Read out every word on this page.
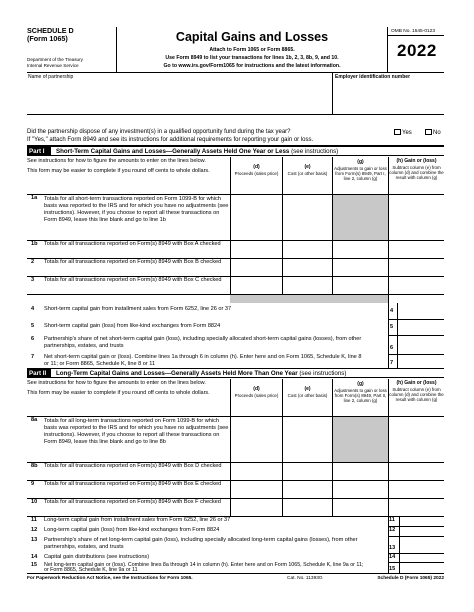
SCHEDULE D
(Form 1065)
Department of the Treasury
Internal Revenue Service
Capital Gains and Losses
Attach to Form 1065 or Form 8865.
Use Form 8949 to list your transactions for lines 1b, 2, 3, 8b, 9, and 10.
Go to www.irs.gov/Form1065 for instructions and the latest information.
OMB No. 1545-0123
2022
Name of partnership	Employer identification number
Did the partnership dispose of any investment(s) in a qualified opportunity fund during the tax year?	Yes	No
If "Yes," attach Form 8949 and see its instructions for additional requirements for reporting your gain or loss.
Part I	Short-Term Capital Gains and Losses—Generally Assets Held One Year or Less (see instructions)
See instructions for how to figure the amounts to enter on the lines below.
This form may be easier to complete if you round off cents to whole dollars.
(d)
Proceeds (sales price)
(e)
Cost (or other basis)
(g)
Adjustments to gain or loss from Form(s) 8949, Part I, line 2, column (g)
(h) Gain or (loss)
Subtract column (e) from column (d) and combine the result with column (g)
1a Totals for all short-term transactions reported on Form 1099-B for which basis was reported to the IRS and for which you have no adjustments (see instructions). However, if you choose to report all these transactions on Form 8949, leave this line blank and go to line 1b
1b Totals for all transactions reported on Form(s) 8949 with Box A checked
2 Totals for all transactions reported on Form(s) 8949 with Box B checked
3 Totals for all transactions reported on Form(s) 8949 with Box C checked
4 Short-term capital gain from installment sales from Form 6252, line 26 or 37	4
5 Short-term capital gain (loss) from like-kind exchanges from Form 8824	5
6 Partnership's share of net short-term capital gain (loss), including specially allocated short-term capital gains (losses), from other partnerships, estates, and trusts	6
7 Net short-term capital gain or (loss). Combine lines 1a through 6 in column (h). Enter here and on Form 1065, Schedule K, line 8 or 11; or Form 8865, Schedule K, line 8 or 11	7
Part II	Long-Term Capital Gains and Losses—Generally Assets Held More Than One Year (see instructions)
See instructions for how to figure the amounts to enter on the lines below.
This form may be easier to complete if you round off cents to whole dollars.
(d)
Proceeds (sales price)
(e)
Cost (or other basis)
(g)
Adjustments to gain or loss from Form(s) 8949, Part II, line 2, column (g)
(h) Gain or (loss)
Subtract column (e) from column (d) and combine the result with column (g)
8a Totals for all long-term transactions reported on Form 1099-B for which basis was reported to the IRS and for which you have no adjustments (see instructions). However, if you choose to report all these transactions on Form 8949, leave this line blank and go to line 8b
8b Totals for all transactions reported on Form(s) 8949 with Box D checked
9 Totals for all transactions reported on Form(s) 8949 with Box E checked
10 Totals for all transactions reported on Form(s) 8949 with Box F checked
11 Long-term capital gain from installment sales from Form 6252, line 26 or 37	11
12 Long-term capital gain (loss) from like-kind exchanges from Form 8824	12
13 Partnership's share of net long-term capital gain (loss), including specially allocated long-term capital gains (losses), from other partnerships, estates, and trusts	13
14 Capital gain distributions (see instructions)	14
15 Net long-term capital gain or (loss). Combine lines 8a through 14 in column (h). Enter here and on Form 1065, Schedule K, line 9a or 11; or Form 8865, Schedule K, line 9a or 11	15
For Paperwork Reduction Act Notice, see the Instructions for Form 1065.	Cat. No. 11393G	Schedule D (Form 1065) 2022
